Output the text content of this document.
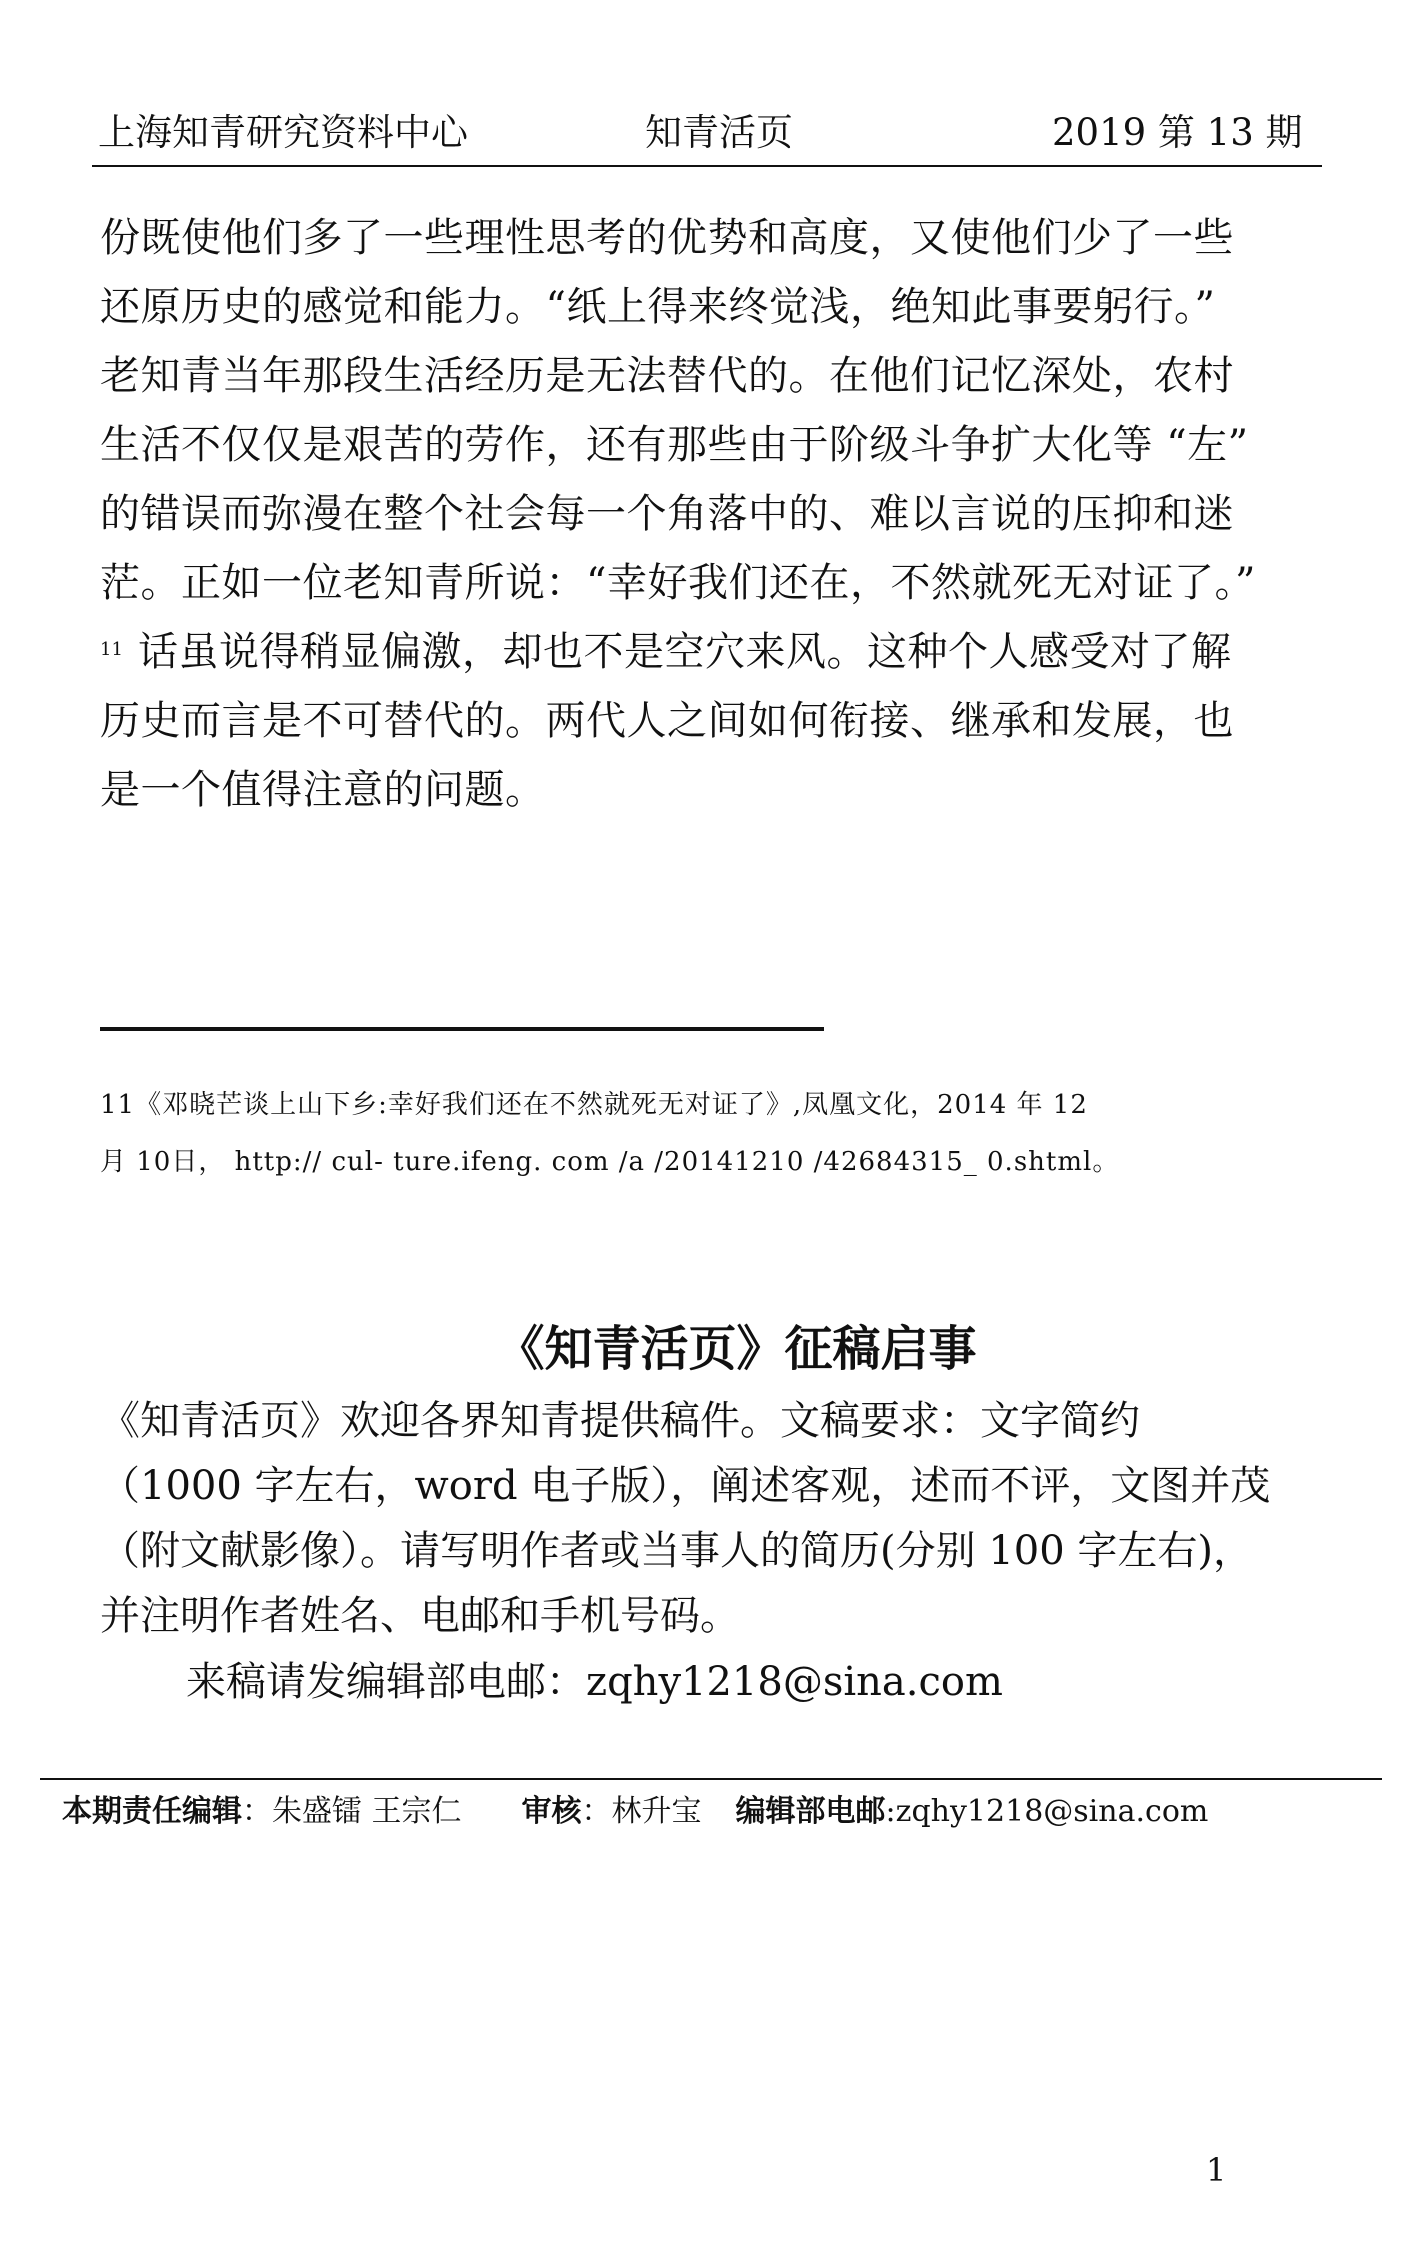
上海知青研究资料中心	知青活页	2019 第 13 期
份既使他们多了一些理性思考的优势和高度，又使他们少了一些
还原历史的感觉和能力。“纸上得来终觉浅，绝知此事要躬行。”
老知青当年那段生活经历是无法替代的。在他们记忆深处，农村
生活不仅仅是艰苦的劳作，还有那些由于阶级斗争扩大化等 “左”
的错误而弥漫在整个社会每一个角落中的、难以言说的压抑和迷
茫。正如一位老知青所说：“幸好我们还在，不然就死无对证了。”
11 话虽说得稍显偏激，却也不是空穴来风。这种个人感受对了解
历史而言是不可替代的。两代人之间如何衔接、继承和发展，也
是一个值得注意的问题。
11《邓晓芒谈上山下乡:幸好我们还在不然就死无对证了》,凤凰文化，2014 年 12
月 10日， http:// cul- ture.ifeng. com /a /20141210 /42684315_ 0.shtml。
《知青活页》征稿启事
《知青活页》欢迎各界知青提供稿件。文稿要求：文字简约
（1000 字左右，word 电子版），阐述客观，述而不评，文图并茂
（附文献影像）。请写明作者或当事人的简历(分别 100 字左右)，
并注明作者姓名、电邮和手机号码。
来稿请发编辑部电邮：zqhy1218@sina.com
本期责任编辑：朱盛镭 王宗仁 审核：林升宝 编辑部电邮:zqhy1218@sina.com
1
